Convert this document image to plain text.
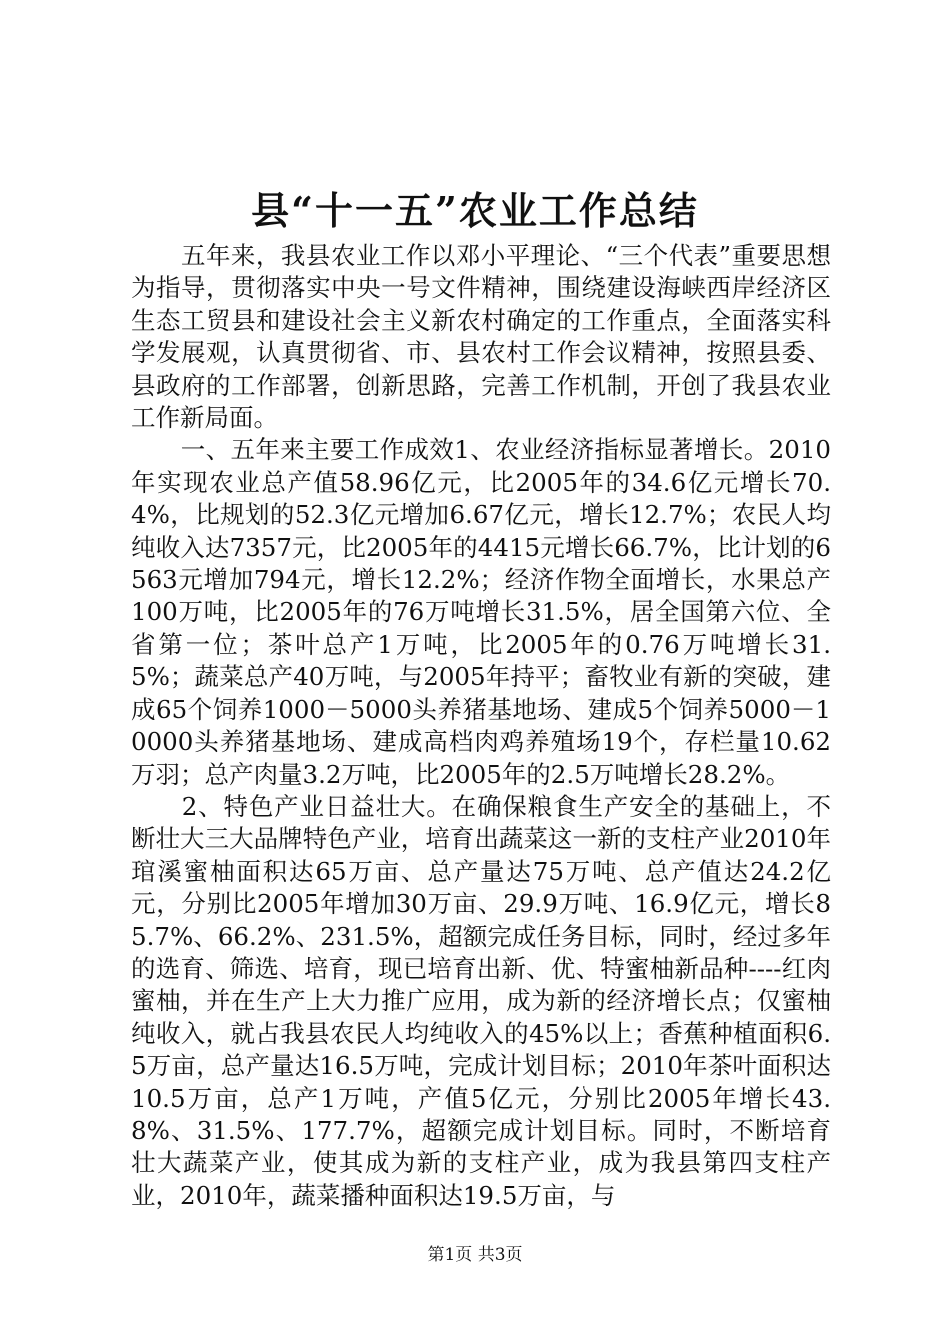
县“十一五”农业工作总结

　　五年来，我县农业工作以邓小平理论、“三个代表”重要思想为指导，贯彻落实中央一号文件精神，围绕建设海峡西岸经济区生态工贸县和建设社会主义新农村确定的工作重点，全面落实科学发展观，认真贯彻省、市、县农村工作会议精神，按照县委、县政府的工作部署，创新思路，完善工作机制，开创了我县农业工作新局面。

　　一、五年来主要工作成效1、农业经济指标显著增长。2010年实现农业总产值58.96亿元，比2005年的34.6亿元增长70.4%，比规划的52.3亿元增加6.67亿元，增长12.7%；农民人均纯收入达7357元，比2005年的4415元增长66.7%，比计划的6563元增加794元，增长12.2%；经济作物全面增长，水果总产100万吨，比2005年的76万吨增长31.5%，居全国第六位、全省第一位；茶叶总产1万吨，比2005年的0.76万吨增长31.5%；蔬菜总产40万吨，与2005年持平；畜牧业有新的突破，建成65个饲养1000－5000头养猪基地场、建成5个饲养5000－10000头养猪基地场、建成高档肉鸡养殖场19个，存栏量10.62万羽；总产肉量3.2万吨，比2005年的2.5万吨增长28.2%。

　　2、特色产业日益壮大。在确保粮食生产安全的基础上，不断壮大三大品牌特色产业，培育出蔬菜这一新的支柱产业2010年琯溪蜜柚面积达65万亩、总产量达75万吨、总产值达24.2亿元，分别比2005年增加30万亩、29.9万吨、16.9亿元，增长85.7%、66.2%、231.5%，超额完成任务目标，同时，经过多年的选育、筛选、培育，现已培育出新、优、特蜜柚新品种----红肉蜜柚，并在生产上大力推广应用，成为新的经济增长点；仅蜜柚纯收入，就占我县农民人均纯收入的45%以上；香蕉种植面积6.5万亩，总产量达16.5万吨，完成计划目标；2010年茶叶面积达10.5万亩，总产1万吨，产值5亿元，分别比2005年增长43.8%、31.5%、177.7%，超额完成计划目标。同时，不断培育壮大蔬菜产业，使其成为新的支柱产业，成为我县第四支柱产业，2010年，蔬菜播种面积达19.5万亩，与

第1页 共3页
